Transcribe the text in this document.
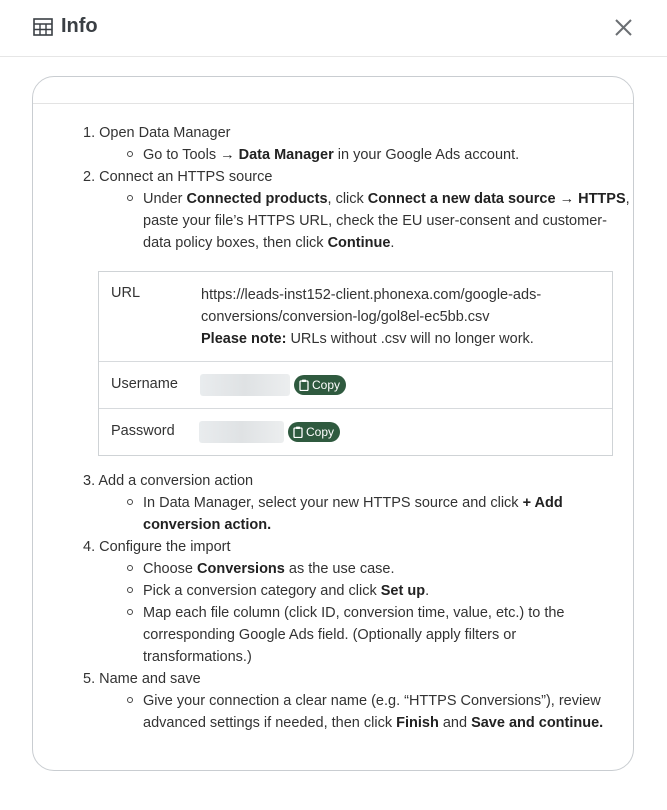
Info
1. Open Data Manager
Go to Tools → Data Manager in your Google Ads account.
2. Connect an HTTPS source
Under Connected products, click Connect a new data source → HTTPS,
paste your file’s HTTPS URL, check the EU user-consent and customer-
data policy boxes, then click Continue.
3. Add a conversion action
In Data Manager, select your new HTTPS source and click + Add
conversion action.
4. Configure the import
Choose Conversions as the use case.
Pick a conversion category and click Set up.
Map each file column (click ID, conversion time, value, etc.) to the
corresponding Google Ads field. (Optionally apply filters or
transformations.)
5. Name and save
Give your connection a clear name (e.g. “HTTPS Conversions”), review
advanced settings if needed, then click Finish and Save and continue.
URL	https://leads-inst152-client.phonexa.com/google-ads-
conversions/conversion-log/gol8el-ec5bb.csv
Please note: URLs without .csv will no longer work.
Username	Copy
Password	Copy
